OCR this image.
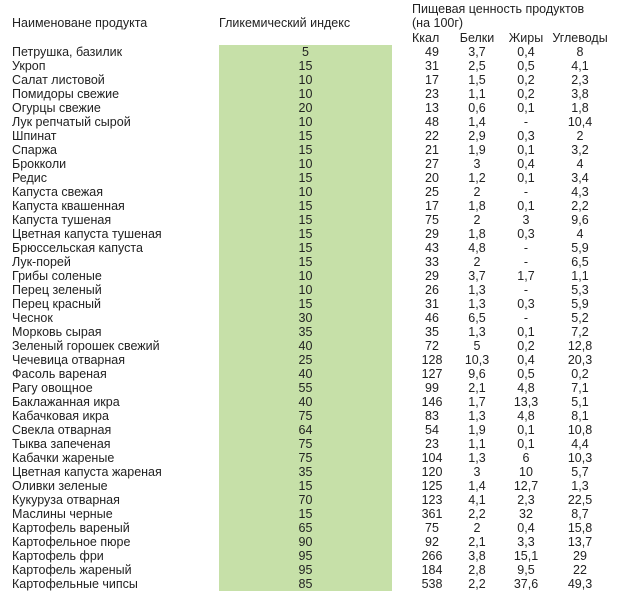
Наименоване продукта	Гликемический индекс		Пищевая ценность продуктов
(на 100г)			
			Ккал	Белки	Жиры	Углеводы
Петрушка, базилик	5		49	3,7	0,4	8
Укроп	15		31	2,5	0,5	4,1
Салат листовой	10		17	1,5	0,2	2,3
Помидоры свежие	10		23	1,1	0,2	3,8
Огурцы свежие	20		13	0,6	0,1	1,8
Лук репчатый сырой	10		48	1,4	-	10,4
Шпинат	15		22	2,9	0,3	2
Спаржа	15		21	1,9	0,1	3,2
Брокколи	10		27	3	0,4	4
Редис	15		20	1,2	0,1	3,4
Капуста свежая	10		25	2	-	4,3
Капуста квашенная	15		17	1,8	0,1	2,2
Капуста тушеная	15		75	2	3	9,6
Цветная капуста тушеная	15		29	1,8	0,3	4
Брюссельская капуста	15		43	4,8	-	5,9
Лук-порей	15		33	2	-	6,5
Грибы соленые	10		29	3,7	1,7	1,1
Перец зеленый	10		26	1,3	-	5,3
Перец красный	15		31	1,3	0,3	5,9
Чеснок	30		46	6,5	-	5,2
Морковь сырая	35		35	1,3	0,1	7,2
Зеленый горошек свежий	40		72	5	0,2	12,8
Чечевица отварная	25		128	10,3	0,4	20,3
Фасоль вареная	40		127	9,6	0,5	0,2
Рагу овощное	55		99	2,1	4,8	7,1
Баклажанная икра	40		146	1,7	13,3	5,1
Кабачковая икра	75		83	1,3	4,8	8,1
Свекла отварная	64		54	1,9	0,1	10,8
Тыква запеченая	75		23	1,1	0,1	4,4
Кабачки жареные	75		104	1,3	6	10,3
Цветная капуста жареная	35		120	3	10	5,7
Оливки зеленые	15		125	1,4	12,7	1,3
Кукуруза отварная	70		123	4,1	2,3	22,5
Маслины черные	15		361	2,2	32	8,7
Картофель вареный	65		75	2	0,4	15,8
Картофельное пюре	90		92	2,1	3,3	13,7
Картофель фри	95		266	3,8	15,1	29
Картофель жареный	95		184	2,8	9,5	22
Картофельные чипсы	85		538	2,2	37,6	49,3
